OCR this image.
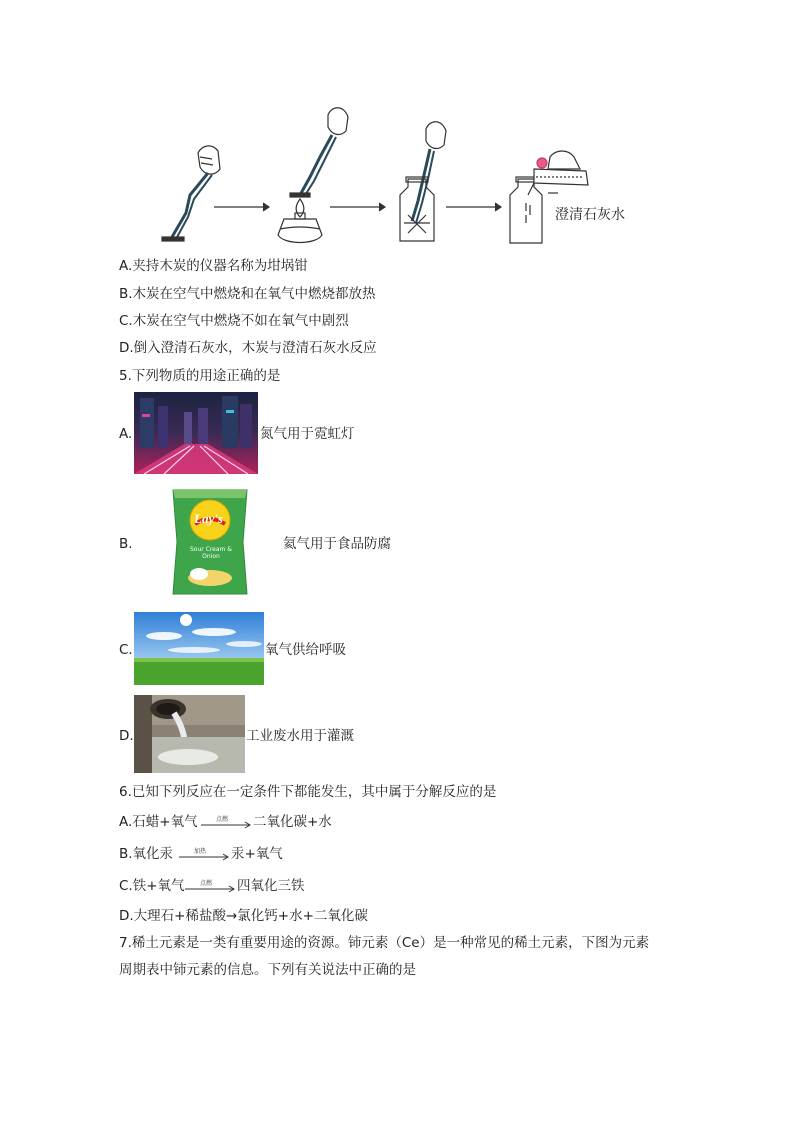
澄清石灰水
A.夹持木炭的仪器名称为坩埚钳
B.木炭在空气中燃烧和在氧气中燃烧都放热
C.木炭在空气中燃烧不如在氧气中剧烈
D.倒入澄清石灰水，木炭与澄清石灰水反应
5.下列物质的用途正确的是
A.	氮气用于霓虹灯
B.
Lay's
Sour Cream & Onion
氦气用于食品防腐
C.	氧气供给呼吸
D.	工业废水用于灌溉
6.已知下列反应在一定条件下都能发生，其中属于分解反应的是
A.石蜡+氧气	点燃 二氧化碳+水
B.氧化汞	加热 汞+氧气
C.铁+氧气	点燃 四氧化三铁
D.大理石+稀盐酸→氯化钙+水+二氧化碳
7.稀土元素是一类有重要用途的资源。铈元素（Ce）是一种常见的稀土元素，下图为元素
周期表中铈元素的信息。下列有关说法中正确的是
